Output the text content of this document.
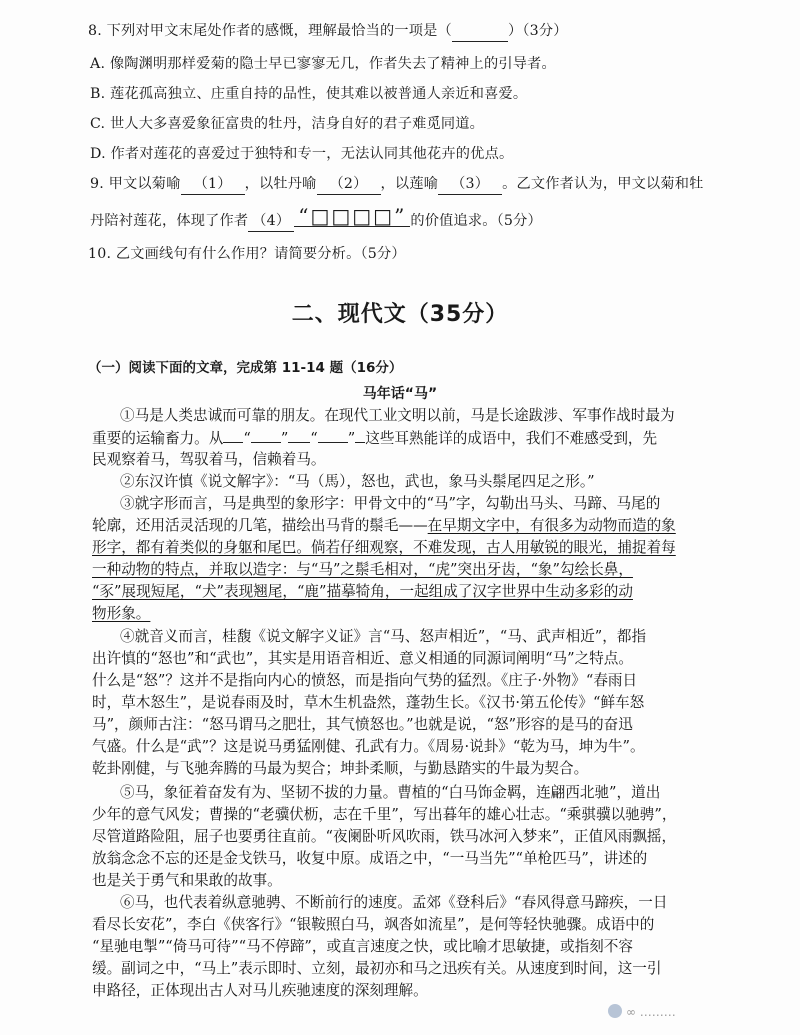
8. 下列对甲文末尾处作者的感慨，理解最恰当的一项是（	）（3分）
A. 像陶渊明那样爱菊的隐士早已寥寥无几，作者失去了精神上的引导者。
B. 莲花孤高独立、庄重自持的品性，使其难以被普通人亲近和喜爱。
C. 世人大多喜爱象征富贵的牡丹，洁身自好的君子难觅同道。
D. 作者对莲花的喜爱过于独特和专一，无法认同其他花卉的优点。
9. 甲文以菊喻 （1） ，以牡丹喻 （2） ，以莲喻 （3） 。乙文作者认为，甲文以菊和牡
丹陪衬莲花，体现了作者 （4） “□□□□” 的价值追求。（5分）
10. 乙文画线句有什么作用？请简要分析。（5分）
二、现代文（35分）
（一）阅读下面的文章，完成第 11-14 题（16分）
马年话“马”
①马是人类忠诚而可靠的朋友。在现代工业文明以前，马是长途跋涉、军事作战时最为
重要的运输畜力。从 “ ” “ ” 这些耳熟能详的成语中，我们不难感受到，先
民观察着马，驾驭着马，信赖着马。
②东汉许慎《说文解字》：“马（馬），怒也，武也，象马头鬃尾四足之形。”
③就字形而言，马是典型的象形字：甲骨文中的“马”字，勾勒出马头、马蹄、马尾的
轮廓，还用活灵活现的几笔，描绘出马背的鬃毛——在早期文字中，有很多为动物而造的象
形字，都有着类似的身躯和尾巴。倘若仔细观察，不难发现，古人用敏锐的眼光，捕捉着每
一种动物的特点，并取以造字：与“马”之鬃毛相对，“虎”突出牙齿，“象”勾绘长鼻，
“豕”展现短尾，“犬”表现翘尾，“鹿”描摹犄角，一起组成了汉字世界中生动多彩的动
物形象。
④就音义而言，桂馥《说文解字义证》言“马、怒声相近”，“马、武声相近”，都指
出许慎的“怒也”和“武也”，其实是用语音相近、意义相通的同源词阐明“马”之特点。
什么是“怒”？这并不是指向内心的愤怒，而是指向气势的猛烈。《庄子·外物》“春雨日
时，草木怒生”，是说春雨及时，草木生机盎然，蓬勃生长。《汉书·第五伦传》“鲜车怒
马”，颜师古注：“怒马谓马之肥壮，其气愤怒也。”也就是说，“怒”形容的是马的奋迅
气盛。什么是“武”？这是说马勇猛刚健、孔武有力。《周易·说卦》“乾为马，坤为牛”。
乾卦刚健，与飞驰奔腾的马最为契合；坤卦柔顺，与勤恳踏实的牛最为契合。
⑤马，象征着奋发有为、坚韧不拔的力量。曹植的“白马饰金羁，连翩西北驰”，道出
少年的意气风发；曹操的“老骥伏枥，志在千里”，写出暮年的雄心壮志。“乘骐骥以驰骋”，
尽管道路险阻，屈子也要勇往直前。“夜阑卧听风吹雨，铁马冰河入梦来”，正值风雨飘摇，
放翁念念不忘的还是金戈铁马，收复中原。成语之中，“一马当先”“单枪匹马”，讲述的
也是关于勇气和果敢的故事。
⑥马，也代表着纵意驰骋、不断前行的速度。孟郊《登科后》“春风得意马蹄疾，一日
看尽长安花”，李白《侠客行》“银鞍照白马，飒沓如流星”，是何等轻快驰骤。成语中的
“星驰电掣”“倚马可待”“马不停蹄”，或直言速度之快，或比喻才思敏捷，或指刻不容
缓。副词之中，“马上”表示即时、立刻，最初亦和马之迅疾有关。从速度到时间，这一引
申路径，正体现出古人对马儿疾驰速度的深刻理解。
∞ ………
